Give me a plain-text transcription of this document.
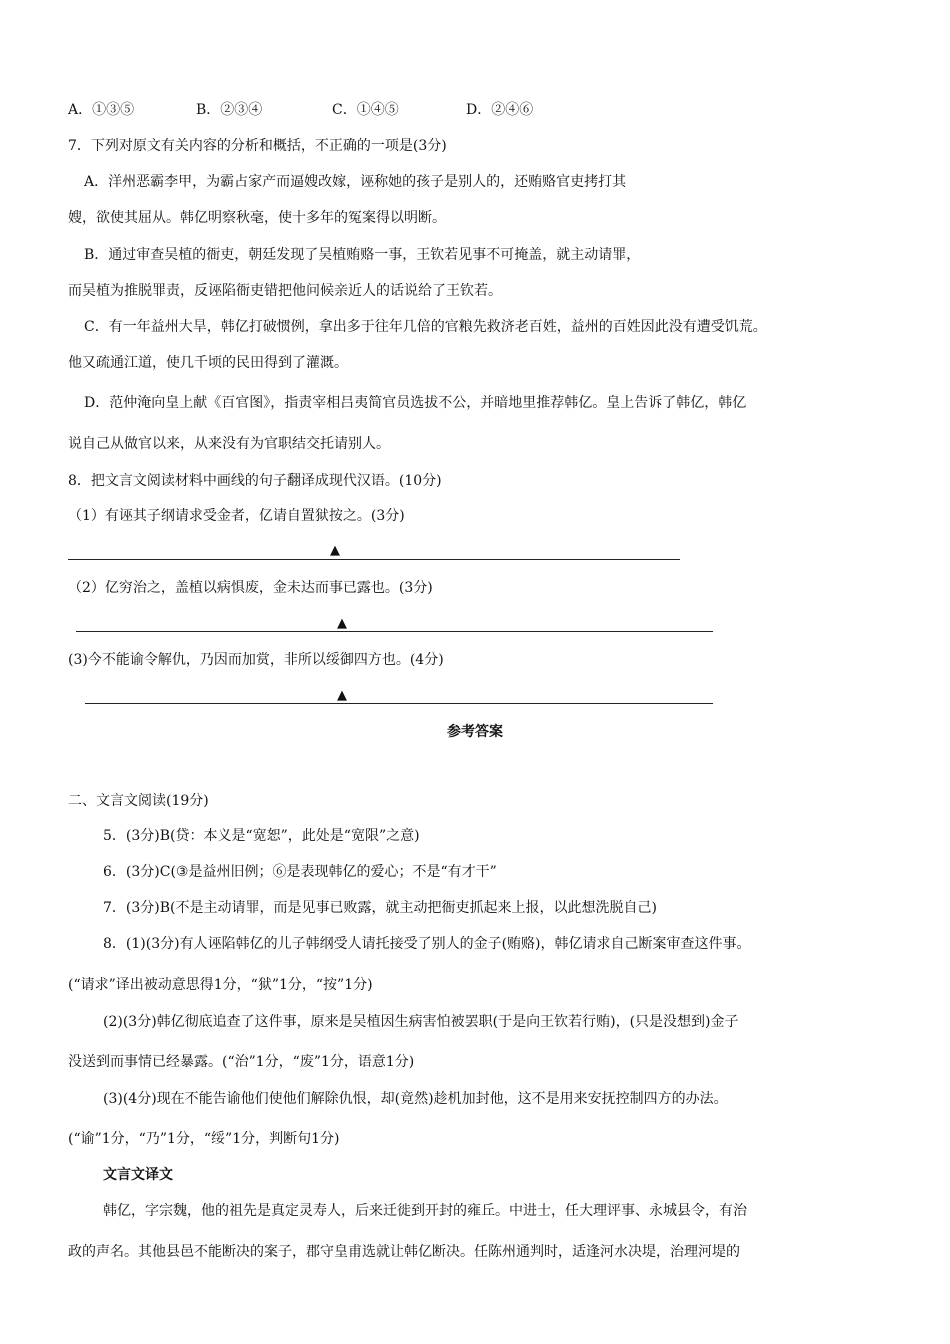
A．①③⑤	B．②③④	C．①④⑤	D．②④⑥
7．下列对原文有关内容的分析和概括，不正确的一项是(3分)
A．洋州恶霸李甲，为霸占家产而逼嫂改嫁，诬称她的孩子是别人的，还贿赂官吏拷打其
嫂，欲使其屈从。韩亿明察秋毫，使十多年的冤案得以明断。
B．通过审查吴植的衙吏，朝廷发现了吴植贿赂一事，王钦若见事不可掩盖，就主动请罪，
而吴植为推脱罪责，反诬陷衙吏错把他问候亲近人的话说给了王钦若。
C．有一年益州大旱，韩亿打破惯例，拿出多于往年几倍的官粮先救济老百姓，益州的百姓因此没有遭受饥荒。
他又疏通江道，使几千顷的民田得到了灌溉。
D．范仲淹向皇上献《百官图》，指责宰相吕夷简官员选拔不公，并暗地里推荐韩亿。皇上告诉了韩亿，韩亿
说自己从做官以来，从来没有为官职结交托请别人。
8．把文言文阅读材料中画线的句子翻译成现代汉语。(10分)
（1）有诬其子纲请求受金者，亿请自置狱按之。(3分)
▲
（2）亿穷治之，盖植以病惧废，金未达而事已露也。(3分)
▲
(3)今不能谕令解仇，乃因而加赏，非所以绥御四方也。(4分)
▲
参考答案
二、文言文阅读(19分)
5．(3分)B(贷：本义是“宽恕”，此处是“宽限”之意)
6．(3分)C(③是益州旧例；⑥是表现韩亿的爱心；不是“有才干”
7．(3分)B(不是主动请罪，而是见事已败露，就主动把衙吏抓起来上报，以此想洗脱自己)
8．(1)(3分)有人诬陷韩亿的儿子韩纲受人请托接受了别人的金子(贿赂)，韩亿请求自己断案审查这件事。
(“请求”译出被动意思得1分，“狱”1分，“按”1分)
(2)(3分)韩亿彻底追查了这件事，原来是吴植因生病害怕被罢职(于是向王钦若行贿)，(只是没想到)金子
没送到而事情已经暴露。(“治”1分，“废”1分，语意1分)
(3)(4分)现在不能告谕他们使他们解除仇恨，却(竟然)趁机加封他，这不是用来安抚控制四方的办法。
(“谕”1分，“乃”1分，“绥”1分，判断句1分)
文言文译文
韩亿，字宗魏，他的祖先是真定灵寿人，后来迁徙到开封的雍丘。中进士，任大理评事、永城县令，有治
政的声名。其他县邑不能断决的案子，郡守皇甫选就让韩亿断决。任陈州通判时，适逢河水决堤，治理河堤的
